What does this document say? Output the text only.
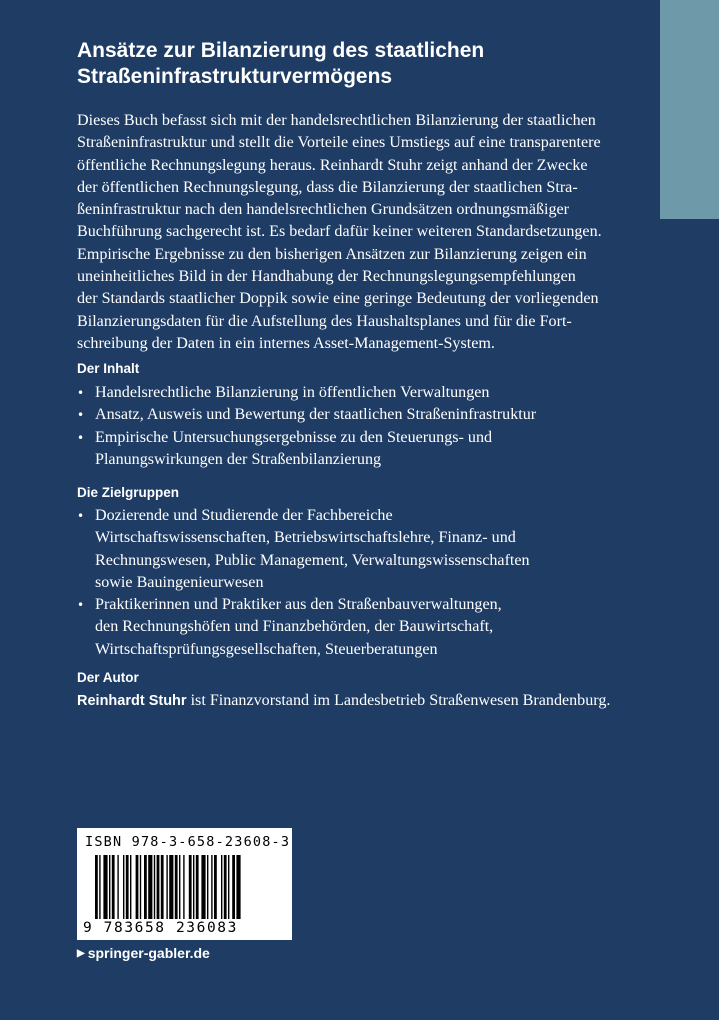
Ansätze zur Bilanzierung des staatlichen
Straßeninfrastrukturvermögens
Dieses Buch befasst sich mit der handelsrechtlichen Bilanzierung der staatlichen
Straßeninfrastruktur und stellt die Vorteile eines Umstiegs auf eine transparentere
öffentliche Rechnungslegung heraus. Reinhardt Stuhr zeigt anhand der Zwecke
der öffentlichen Rechnungslegung, dass die Bilanzierung der staatlichen Stra-
ßeninfrastruktur nach den handelsrechtlichen Grundsätzen ordnungsmäßiger
Buchführung sachgerecht ist. Es bedarf dafür keiner weiteren Standardsetzungen.
Empirische Ergebnisse zu den bisherigen Ansätzen zur Bilanzierung zeigen ein
uneinheitliches Bild in der Handhabung der Rechnungslegungsempfehlungen
der Standards staatlicher Doppik sowie eine geringe Bedeutung der vorliegenden
Bilanzierungsdaten für die Aufstellung des Haushaltsplanes und für die Fort-
schreibung der Daten in ein internes Asset-Management-System.
Der Inhalt
• Handelsrechtliche Bilanzierung in öffentlichen Verwaltungen
• Ansatz, Ausweis und Bewertung der staatlichen Straßeninfrastruktur
• Empirische Untersuchungsergebnisse zu den Steuerungs- und
Planungswirkungen der Straßenbilanzierung
Die Zielgruppen
• Dozierende und Studierende der Fachbereiche
Wirtschaftswissenschaften, Betriebswirtschaftslehre, Finanz- und
Rechnungswesen, Public Management, Verwaltungswissenschaften
sowie Bauingenieurwesen
• Praktikerinnen und Praktiker aus den Straßenbauverwaltungen,
den Rechnungshöfen und Finanzbehörden, der Bauwirtschaft,
Wirtschaftsprüfungsgesellschaften, Steuerberatungen
Der Autor
Reinhardt Stuhr ist Finanzvorstand im Landesbetrieb Straßenwesen Brandenburg.
ISBN 978-3-658-23608-3
9 783658 236083
▶ springer-gabler.de
